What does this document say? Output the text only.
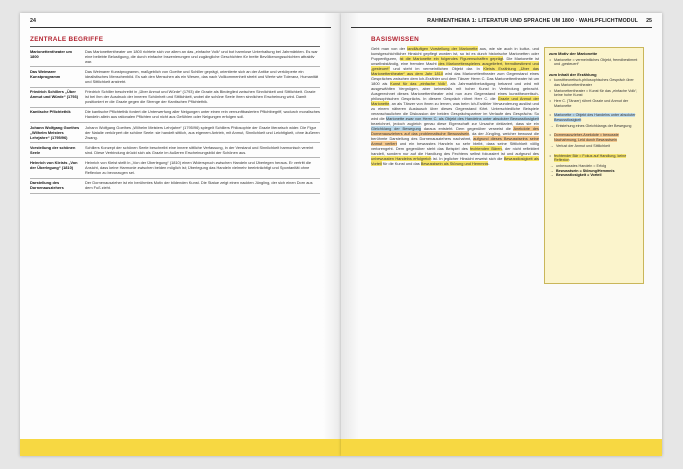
24
ZENTRALE BEGRIFFE
Marionettentheater um 1800	Das Marionettentheater um 1800 richtete sich vor allem an das „einfache Volk“ und bot harmlose Unterhaltung bei Jahrmärkten. Es war eine beliebte Belustigung, die durch einfache Inszenierungen und zugängliche Geschichten für breite Bevölkerungsschichten attraktiv war.
Das Weimarer Kunstprogramm	Das Weimarer Kunstprogramm, maßgeblich von Goethe und Schiller geprägt, orientierte sich an der Antike und verkörperte ein idealistisches Menschenbild. Es sah den Menschen als ein Wesen, das nach Vollkommenheit strebt und Werte wie Toleranz, Humanität und Sittlichkeit anstrebt.
Friedrich Schillers „Über Anmut und Würde“ (1793)	Friedrich Schiller beschreibt in „Über Anmut und Würde“ (1793) die Grazie als Bindeglied zwischen Sinnlichkeit und Sittlichkeit. Grazie ist bei ihm der Ausdruck der inneren Schönheit und Sittlichkeit, wobei die schöne Seele ihren sinnlichen Erscheinung wird. Damit positioniert er die Grazie gegen die Strenge der Kantischen Pflichtethik.
Kantische Pflichtethik	Die kantische Pflichtethik fordert die Unterwerfung aller Neigungen unter einen rein vernunftbasierten Pflichtbegriff, wodurch moralisches Handeln allein aus rationalen Pflichten und nicht aus Gefühlen oder Neigungen erfolgen soll.
Johann Wolfgang Goethes „Wilhelm Meisters Lehrjahre“ (1795/96)	Johann Wolfgang Goethes „Wilhelm Meisters Lehrjahre“ (1795/96) spiegelt Schillers Philosophie der Grazie literarisch wider. Die Figur der Natalie verkörpert die schöne Seele: sie handelt sittlich, aus eigenem Antrieb, mit Anmut, Sinnlichkeit und Leichtigkeit, ohne äußeren Zwang.
Vorstellung der schönen Seele	Schillers Konzept der schönen Seele beschreibt eine innere sittliche Verfassung, in der Verstand und Sinnlichkeit harmonisch vereint sind. Diese Verbindung drückt sich als Grazie im äußeren Erscheinungsbild der Schönen aus.
Heinrich von Kleists „Von der Überlegung“ (1810)	Heinrich von Kleist stellt in „Von der Überlegung“ (1810) einen Widerspruch zwischen Handeln und Überlegen heraus. Er vertritt die Ansicht, dass keine Harmonie zwischen beiden möglich ist; Überlegung das Handeln vielmehr beeinträchtigt und Spontanität ohne Reflexion zu bevorzugen sei.
Darstellung des Dornenausziehers	Der Dornenauszieher ist ein berühmtes Motiv der bildenden Kunst. Die Statue zeigt einen nackten Jüngling, der sich einen Dorn aus dem Fuß zieht.
RAHMENTHEMA 1: LITERATUR UND SPRACHE UM 1800 · WAHLPFLICHTMODUL 25
BASISWISSEN
Geht man von der landläufigen Vorstellung der Marionette aus, wie sie auch in kultur- und kunstgeschichtlicher Hinsicht gepflegt worden ist, so ist es durch historische Marionetten oder Puppenfiguren, ist die Marionette ein folgendes Figurenschaffen geprägt. Die Marionette ist unselbstständig, eine fremden Macht des Marionettenspielers ausgeliefert, fremdbestimmt und „gesteuert“ und steht im vermeintlichen Objekt dar. In Kleists Erzählung „Über das Marionettentheater“ aus dem Jahr 1810 wird das Marionettentheater zum Gegenstand eines Gespräches zwischen dem Ich-Erzähler und dem Tänzer Herrn C. Das Marionettentheater ist um 1800 als Kunst für das „einfache Volk“, als Jahrmarktbelustigung bekannt und wird mit ausgewählten Vergnügen, aber keinesfalls mit hoher Kunst in Verbindung gebracht. Ausgerechnet dieses Marionettentheater wird nun zum Gegenstand eines kunsttheoretisch-philosophischen Gesprächs. In diesem Gespräch röhmt Herr C. die Grazie und Anmut der Marionette, an als Tänzer von ihnen zu lernen, was beim Ich-Erzähler Verwunderung auslöst und zu einem näheren Austausch über dieses Gegenstand führt. Unterschiedliche Beispiele veranschaulichen die Diskussion der beiden Gesprächspartner im Verlaufe des Gesprächs: So wird die Marionette zwar von Herrn C. als Objekt des Handelns unter absoluter Bewusstlosigkeit bezeichnet, jedoch zugleich genau diese Eigenschaft zur Ursache deklariert, dass sie ein Gleichklang der Bewegung daraus entsteht. Dem gegenüber verweist die Anekdote des Dornenausziehers auf das problematische Bewusstsein, da der Jüngling, welcher bewusst die berühmte Darstellung des Dornenausziehers nachahmt, aufgrund dieses Bewusstseins seine Anmut verliert und ein bewusstes Handeln so sehr bleibt, dass seine Sittlichkeit völlig verlorengeht. Dem gegenüber steht das Beispiel des fechtenden Bären, der nicht reflektiert handelt, sondern nur auf die Handlung des Fechtens selbst fokussiert ist und aufgrund des unbewussten Handelns erfolgreich ist. In jeglicher Hinsicht erweist sich die Bewusstlosigkeit als Vorteil für die Kunst und das Bewusstsein als Störung und Hemmnis.
zum Motiv der Marionette
• Marionette = vermeintliches Objekt, fremdbestimmt und „gesteuert“
zum Inhalt der Erzählung
• kunsttheoretisch-philosophisches Gespräch über das Marionettentheater
• Marionettentheater = Kunst für das „einfache Volk“, keine hohe Kunst
• Herr C. (Tänzer) rühmt Grazie und Anmut der Marionette
• Marionette = Objekt des Handelns unter absoluter Bewusstlosigkeit
→ Entstehung eines Gleichklangs der Bewegung
• Dornenauszieher-Anekdote = bewusste Nachahmung, Leid durch Bewusstsein
→ Verlust der Anmut und Sittlichkeit
• fechtender Bär = Fokus auf Handlung, keine Reflexion
→ unbewusstes Handeln = Erfolg
→ Bewusstsein = Störung/Hemmnis
→ Bewusstlosigkeit = Vorteil
